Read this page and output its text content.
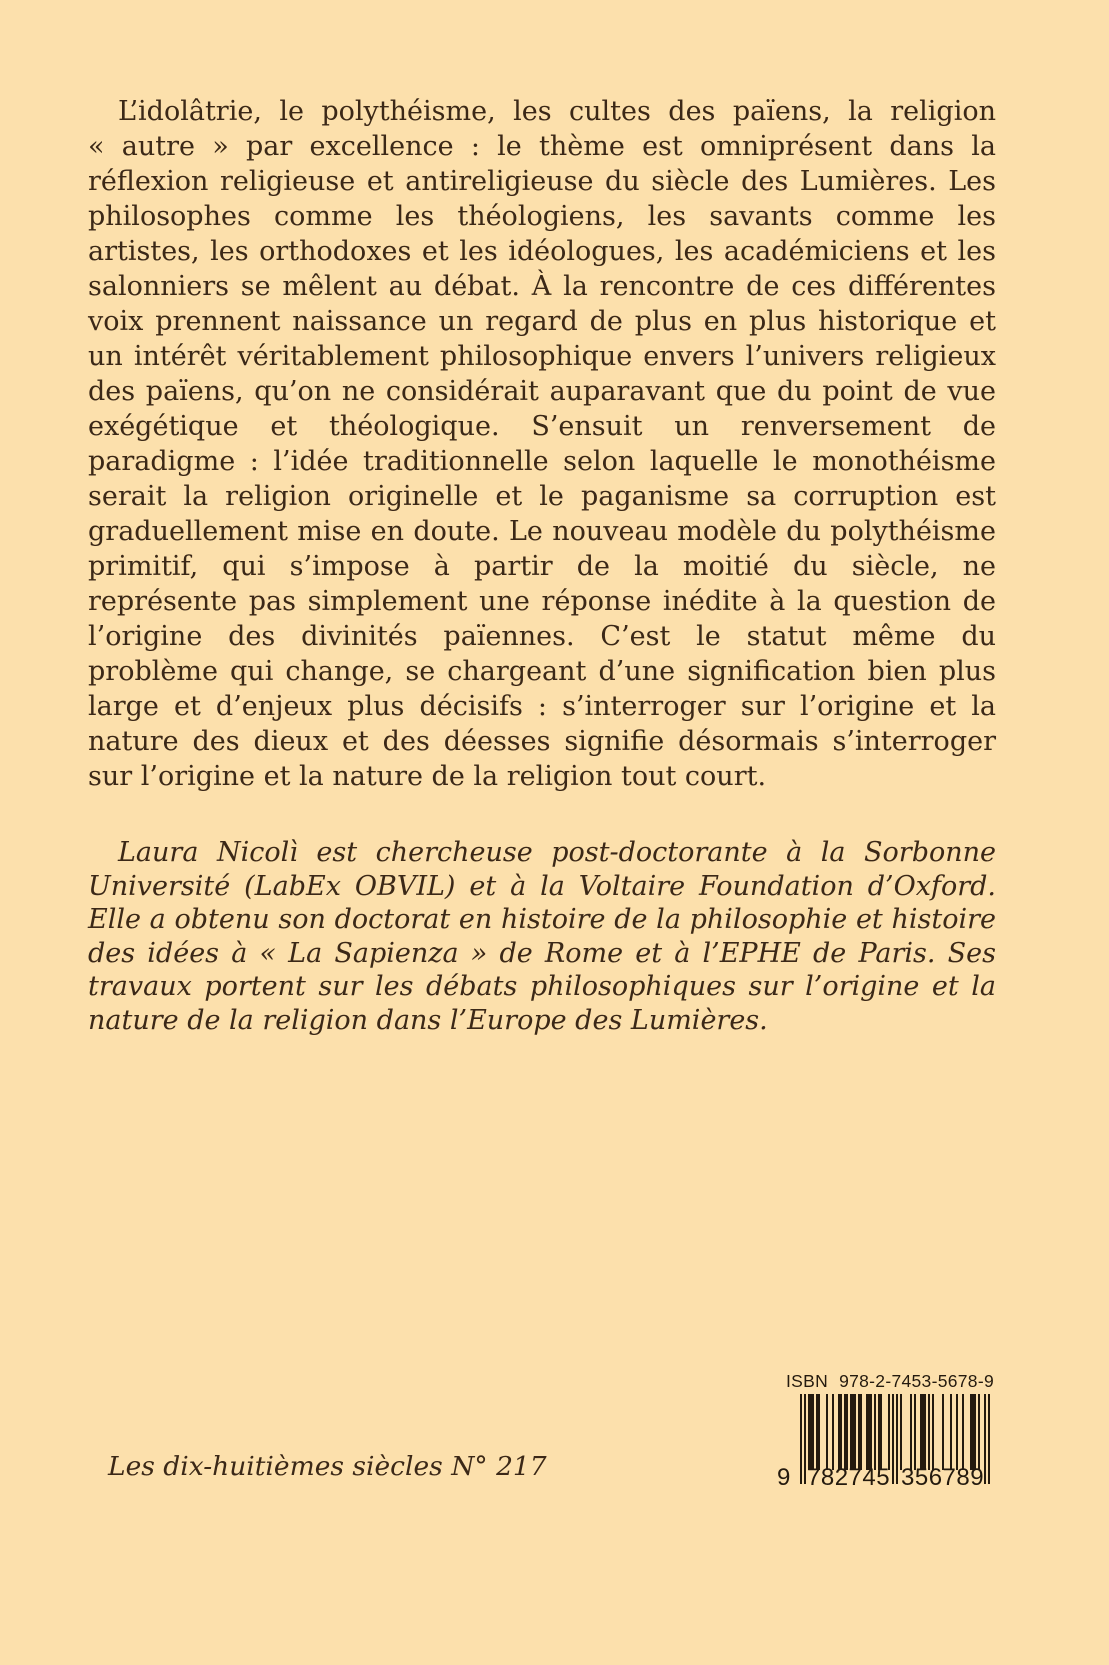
L’idolâtrie, le polythéisme, les cultes des païens, la religion « autre » par excellence : le thème est omniprésent dans la réflexion religieuse et antireligieuse du siècle des Lumières. Les philosophes comme les théologiens, les savants comme les artistes, les orthodoxes et les idéologues, les académiciens et les salonniers se mêlent au débat. À la rencontre de ces différentes voix prennent naissance un regard de plus en plus historique et un intérêt véritablement philosophique envers l’univers religieux des païens, qu’on ne considérait auparavant que du point de vue exégétique et théologique. S’ensuit un renversement de paradigme : l’idée traditionnelle selon laquelle le monothéisme serait la religion originelle et le paganisme sa corruption est graduellement mise en doute. Le nouveau modèle du polythéisme primitif, qui s’impose à partir de la moitié du siècle, ne représente pas simplement une réponse inédite à la question de l’origine des divinités païennes. C’est le statut même du problème qui change, se chargeant d’une signification bien plus large et d’enjeux plus décisifs : s’interroger sur l’origine et la nature des dieux et des déesses signifie désormais s’interroger sur l’origine et la nature de la religion tout court.

Laura Nicolì est chercheuse post-doctorante à la Sorbonne Université (LabEx OBVIL) et à la Voltaire Foundation d’Oxford. Elle a obtenu son doctorat en histoire de la philosophie et histoire des idées à « La Sapienza » de Rome et à l’EPHE de Paris. Ses travaux portent sur les débats philosophiques sur l’origine et la nature de la religion dans l’Europe des Lumières.

Les dix-huitièmes siècles N° 217
ISBN 978-2-7453-5678-9
9 782745 356789
